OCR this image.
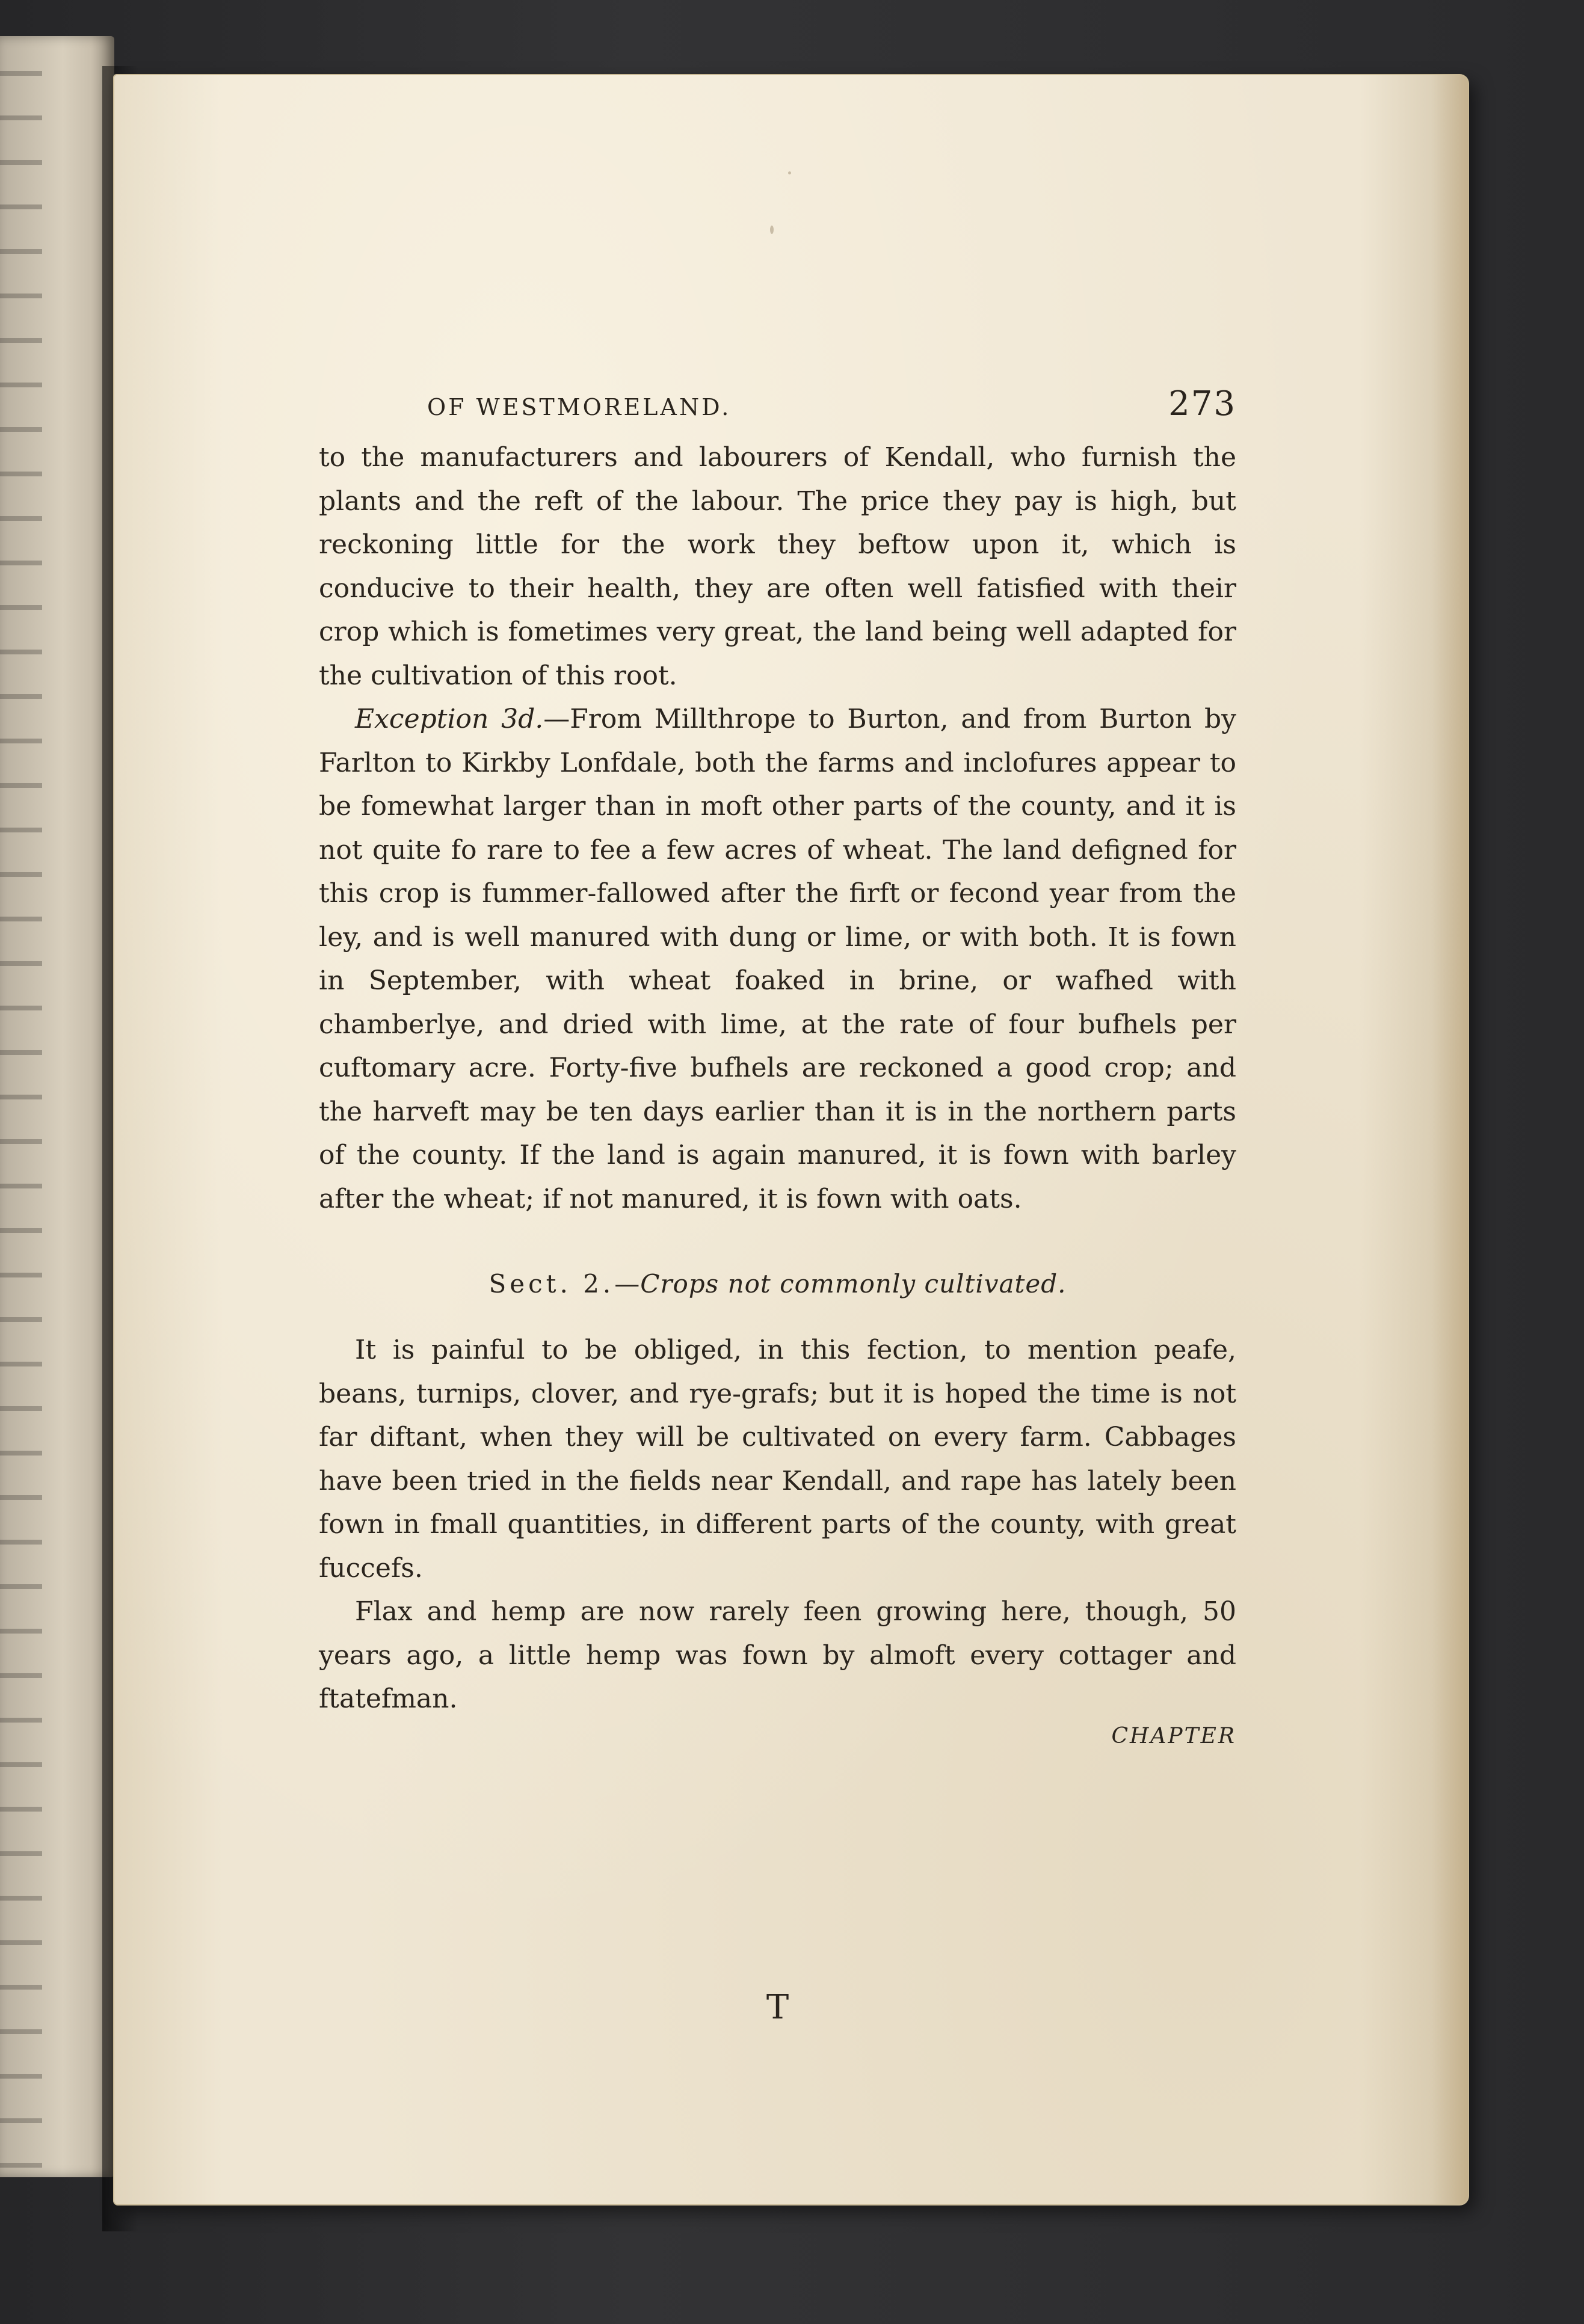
OF WESTMORELAND.	273

to the manufacturers and labourers of Kendall, who furnish the plants and the reft of the labour. The price they pay is high, but reckoning little for the work they beftow upon it, which is conducive to their health, they are often well fatisfied with their crop which is fometimes very great, the land being well adapted for the cultivation of this root.

Exception 3d.—From Millthrope to Burton, and from Burton by Farlton to Kirkby Lonfdale, both the farms and inclofures appear to be fomewhat larger than in moft other parts of the county, and it is not quite fo rare to fee a few acres of wheat. The land defigned for this crop is fummer-fallowed after the firft or fecond year from the ley, and is well manured with dung or lime, or with both. It is fown in September, with wheat foaked in brine, or wafhed with chamberlye, and dried with lime, at the rate of four bufhels per cuftomary acre. Forty-five bufhels are reckoned a good crop; and the harveft may be ten days earlier than it is in the northern parts of the county. If the land is again manured, it is fown with barley after the wheat; if not manured, it is fown with oats.

Sect. 2.—Crops not commonly cultivated.

It is painful to be obliged, in this fection, to mention peafe, beans, turnips, clover, and rye-grafs; but it is hoped the time is not far diftant, when they will be cultivated on every farm. Cabbages have been tried in the fields near Kendall, and rape has lately been fown in fmall quantities, in different parts of the county, with great fuccefs.

Flax and hemp are now rarely feen growing here, though, 50 years ago, a little hemp was fown by almoft every cottager and ftatefman.

CHAPTER
T
